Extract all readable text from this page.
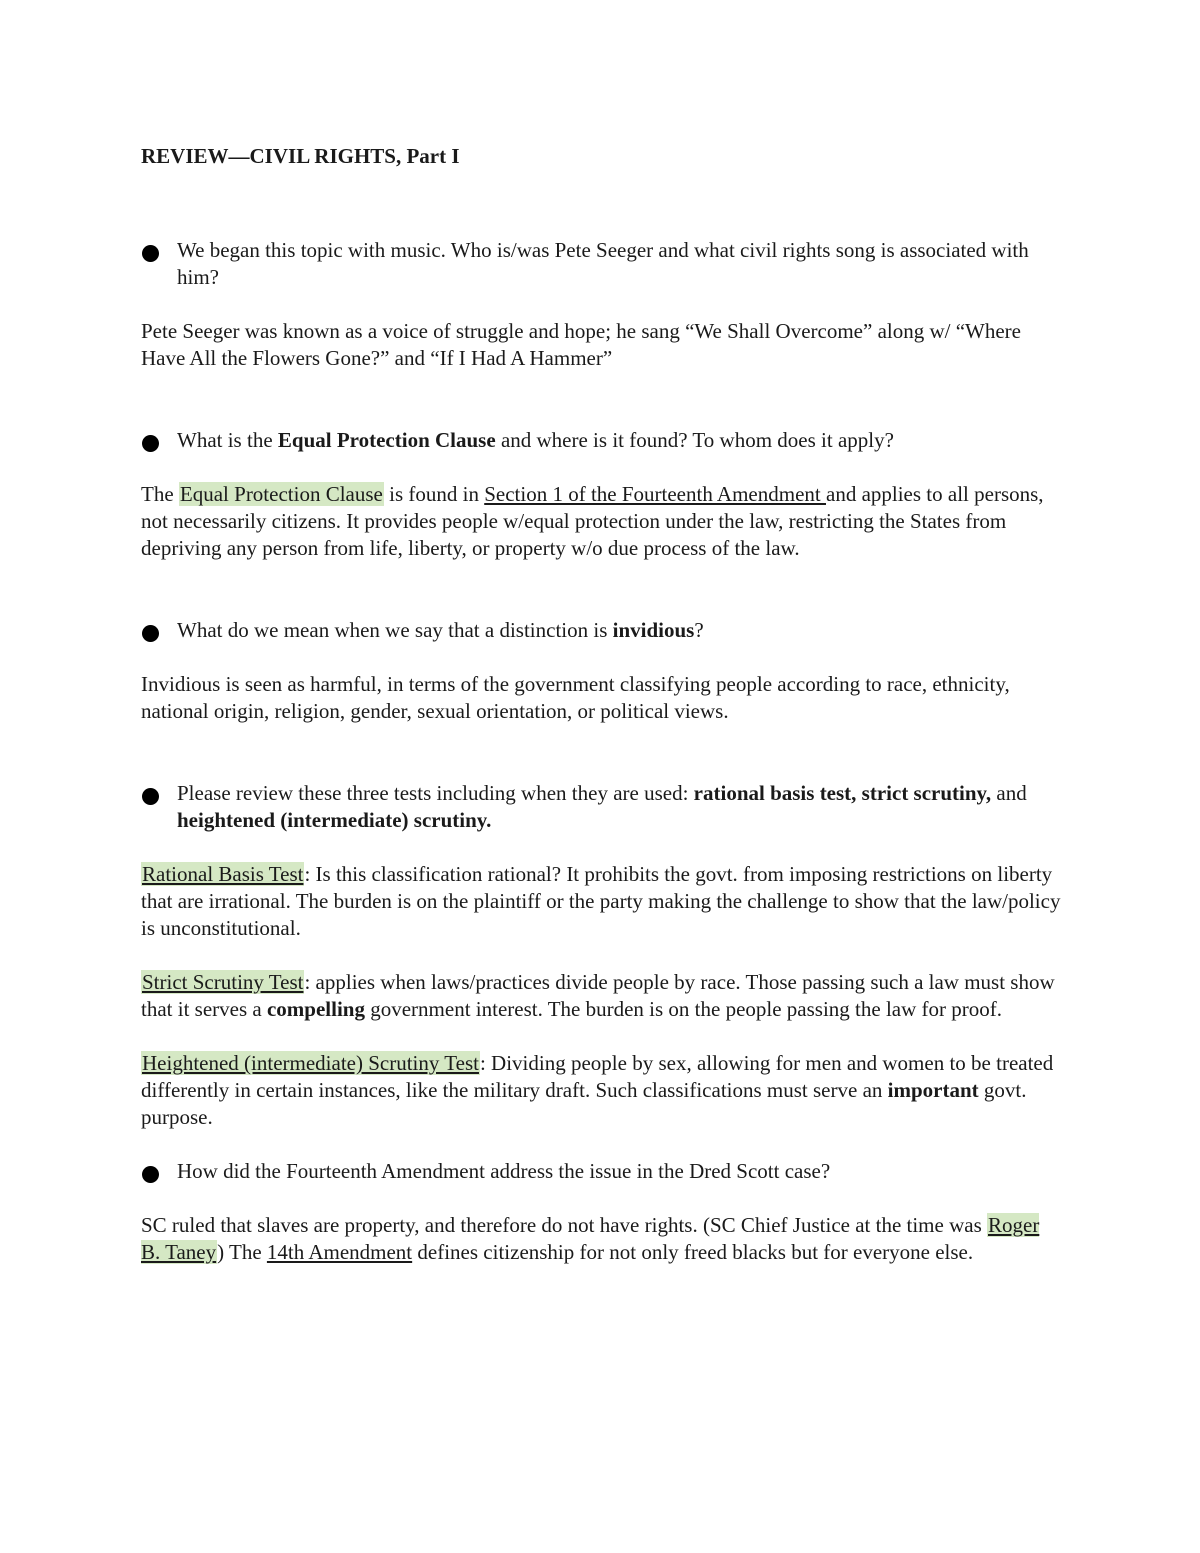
REVIEW—CIVIL RIGHTS, Part I

We began this topic with music. Who is/was Pete Seeger and what civil rights song is associated with him?

Pete Seeger was known as a voice of struggle and hope; he sang “We Shall Overcome” along w/ “Where Have All the Flowers Gone?” and “If I Had A Hammer”

What is the Equal Protection Clause and where is it found? To whom does it apply?

The Equal Protection Clause is found in Section 1 of the Fourteenth Amendment and applies to all persons, not necessarily citizens. It provides people w/equal protection under the law, restricting the States from depriving any person from life, liberty, or property w/o due process of the law.

What do we mean when we say that a distinction is invidious?

Invidious is seen as harmful, in terms of the government classifying people according to race, ethnicity, national origin, religion, gender, sexual orientation, or political views.

Please review these three tests including when they are used: rational basis test, strict scrutiny, and heightened (intermediate) scrutiny.

Rational Basis Test: Is this classification rational? It prohibits the govt. from imposing restrictions on liberty that are irrational. The burden is on the plaintiff or the party making the challenge to show that the law/policy is unconstitutional.

Strict Scrutiny Test: applies when laws/practices divide people by race. Those passing such a law must show that it serves a compelling government interest. The burden is on the people passing the law for proof.

Heightened (intermediate) Scrutiny Test: Dividing people by sex, allowing for men and women to be treated differently in certain instances, like the military draft. Such classifications must serve an important govt. purpose.

How did the Fourteenth Amendment address the issue in the Dred Scott case?

SC ruled that slaves are property, and therefore do not have rights. (SC Chief Justice at the time was Roger B. Taney) The 14th Amendment defines citizenship for not only freed blacks but for everyone else.
